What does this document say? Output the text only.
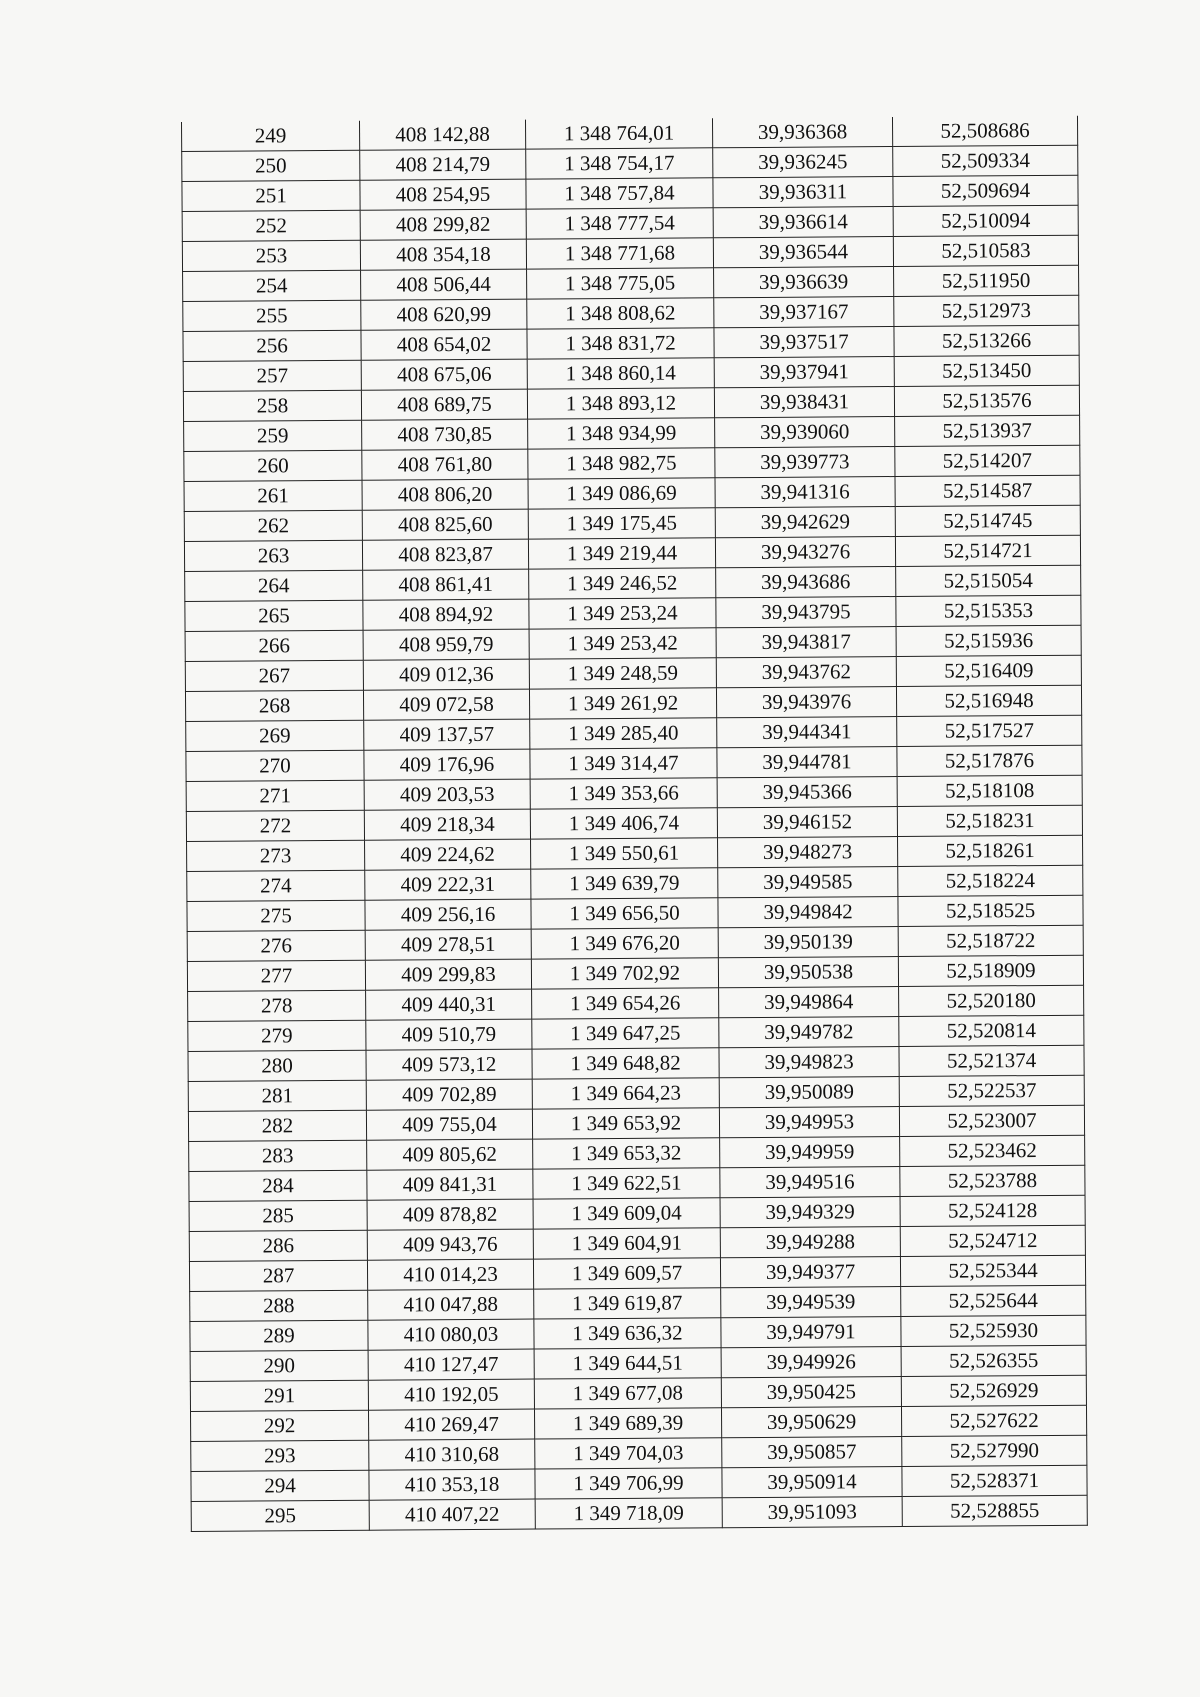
249	408 142,88	1 348 764,01	39,936368	52,508686
250	408 214,79	1 348 754,17	39,936245	52,509334
251	408 254,95	1 348 757,84	39,936311	52,509694
252	408 299,82	1 348 777,54	39,936614	52,510094
253	408 354,18	1 348 771,68	39,936544	52,510583
254	408 506,44	1 348 775,05	39,936639	52,511950
255	408 620,99	1 348 808,62	39,937167	52,512973
256	408 654,02	1 348 831,72	39,937517	52,513266
257	408 675,06	1 348 860,14	39,937941	52,513450
258	408 689,75	1 348 893,12	39,938431	52,513576
259	408 730,85	1 348 934,99	39,939060	52,513937
260	408 761,80	1 348 982,75	39,939773	52,514207
261	408 806,20	1 349 086,69	39,941316	52,514587
262	408 825,60	1 349 175,45	39,942629	52,514745
263	408 823,87	1 349 219,44	39,943276	52,514721
264	408 861,41	1 349 246,52	39,943686	52,515054
265	408 894,92	1 349 253,24	39,943795	52,515353
266	408 959,79	1 349 253,42	39,943817	52,515936
267	409 012,36	1 349 248,59	39,943762	52,516409
268	409 072,58	1 349 261,92	39,943976	52,516948
269	409 137,57	1 349 285,40	39,944341	52,517527
270	409 176,96	1 349 314,47	39,944781	52,517876
271	409 203,53	1 349 353,66	39,945366	52,518108
272	409 218,34	1 349 406,74	39,946152	52,518231
273	409 224,62	1 349 550,61	39,948273	52,518261
274	409 222,31	1 349 639,79	39,949585	52,518224
275	409 256,16	1 349 656,50	39,949842	52,518525
276	409 278,51	1 349 676,20	39,950139	52,518722
277	409 299,83	1 349 702,92	39,950538	52,518909
278	409 440,31	1 349 654,26	39,949864	52,520180
279	409 510,79	1 349 647,25	39,949782	52,520814
280	409 573,12	1 349 648,82	39,949823	52,521374
281	409 702,89	1 349 664,23	39,950089	52,522537
282	409 755,04	1 349 653,92	39,949953	52,523007
283	409 805,62	1 349 653,32	39,949959	52,523462
284	409 841,31	1 349 622,51	39,949516	52,523788
285	409 878,82	1 349 609,04	39,949329	52,524128
286	409 943,76	1 349 604,91	39,949288	52,524712
287	410 014,23	1 349 609,57	39,949377	52,525344
288	410 047,88	1 349 619,87	39,949539	52,525644
289	410 080,03	1 349 636,32	39,949791	52,525930
290	410 127,47	1 349 644,51	39,949926	52,526355
291	410 192,05	1 349 677,08	39,950425	52,526929
292	410 269,47	1 349 689,39	39,950629	52,527622
293	410 310,68	1 349 704,03	39,950857	52,527990
294	410 353,18	1 349 706,99	39,950914	52,528371
295	410 407,22	1 349 718,09	39,951093	52,528855
